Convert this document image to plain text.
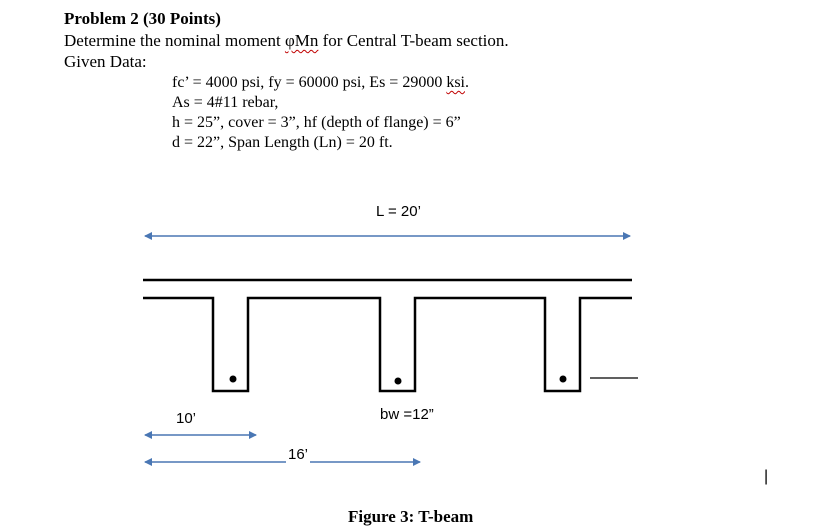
Problem 2 (30 Points)
Determine the nominal moment φMn for Central T-beam section.
Given Data:
fc’ = 4000 psi, fy = 60000 psi, Es = 29000 ksi.
As = 4#11 rebar,
h = 25”, cover = 3”, hf (depth of flange) = 6”
d = 22”, Span Length (Ln) = 20 ft.
L = 20’
10’
16’
bw =12”
Figure 3: T-beam
|
